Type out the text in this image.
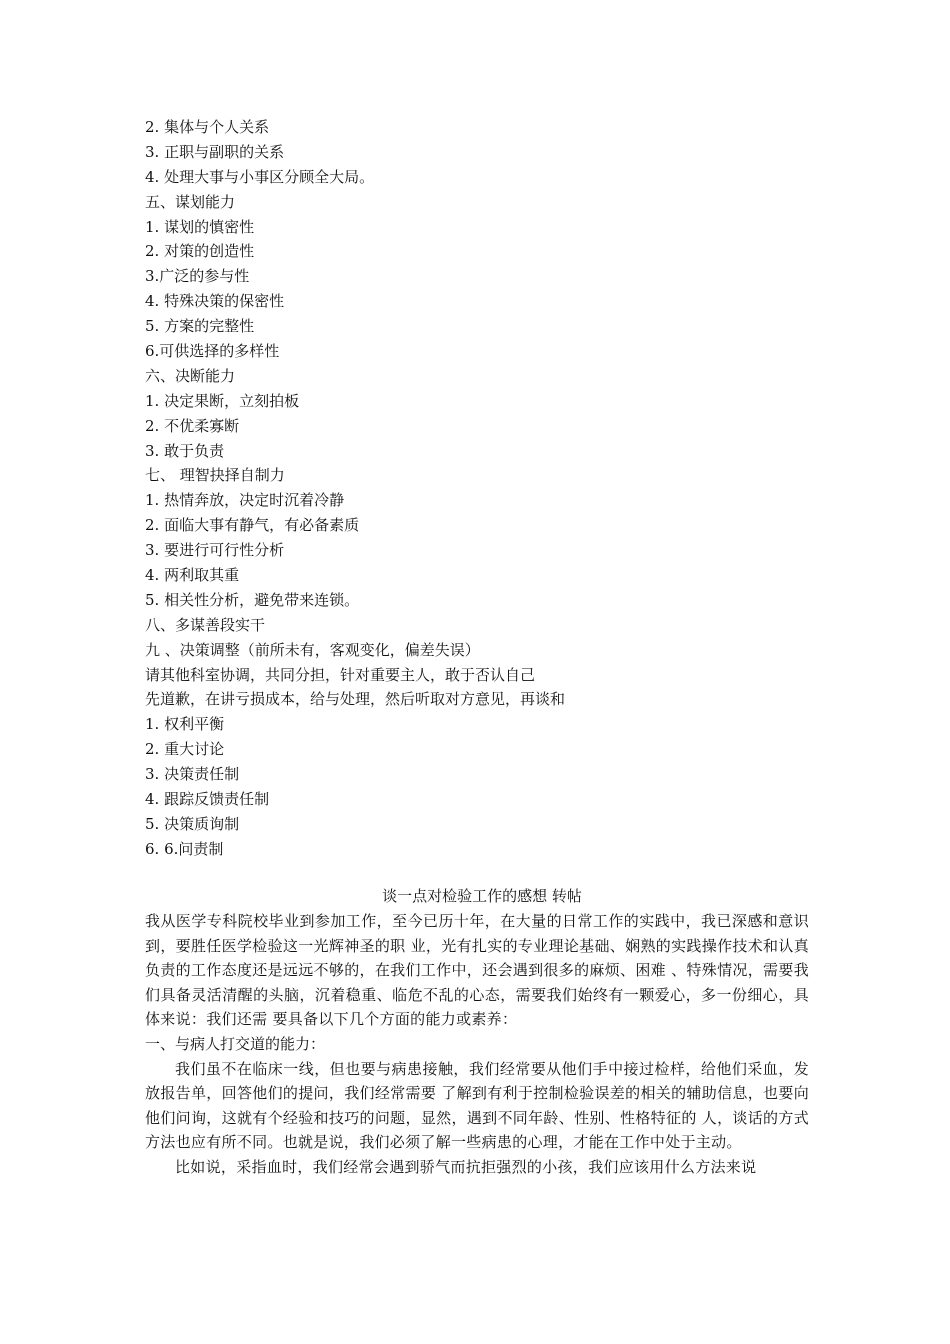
2. 集体与个人关系
3. 正职与副职的关系
4. 处理大事与小事区分顾全大局。
五、谋划能力
1. 谋划的慎密性
2. 对策的创造性
3.广泛的参与性
4. 特殊决策的保密性
5. 方案的完整性
6.可供选择的多样性
六、决断能力
1. 决定果断，立刻拍板
2. 不优柔寡断
3. 敢于负责
七、 理智抉择自制力
1. 热情奔放，决定时沉着冷静
2. 面临大事有静气，有必备素质
3. 要进行可行性分析
4. 两利取其重
5. 相关性分析，避免带来连锁。
八、多谋善段实干
九 、决策调整（前所未有，客观变化，偏差失误）
请其他科室协调，共同分担，针对重要主人，敢于否认自己
先道歉，在讲亏损成本，给与处理，然后听取对方意见，再谈和
1. 权利平衡
2. 重大讨论
3. 决策责任制
4. 跟踪反馈责任制
5. 决策质询制
6. 6.问责制
谈一点对检验工作的感想 转帖

我从医学专科院校毕业到参加工作，至今已历十年，在大量的日常工作的实践中，我已深感和意识到，要胜任医学检验这一光辉神圣的职 业，光有扎实的专业理论基础、娴熟的实践操作技术和认真负责的工作态度还是远远不够的，在我们工作中，还会遇到很多的麻烦、困难 、特殊情况，需要我们具备灵活清醒的头脑，沉着稳重、临危不乱的心态，需要我们始终有一颗爱心，多一份细心，具体来说：我们还需 要具备以下几个方面的能力或素养：

一、与病人打交道的能力：

我们虽不在临床一线，但也要与病患接触，我们经常要从他们手中接过检样，给他们采血，发放报告单，回答他们的提问，我们经常需要 了解到有利于控制检验误差的相关的辅助信息，也要向他们问询，这就有个经验和技巧的问题，显然，遇到不同年龄、性别、性格特征的 人，谈话的方式方法也应有所不同。也就是说，我们必须了解一些病患的心理，才能在工作中处于主动。

比如说，采指血时，我们经常会遇到骄气而抗拒强烈的小孩，我们应该用什么方法来说
